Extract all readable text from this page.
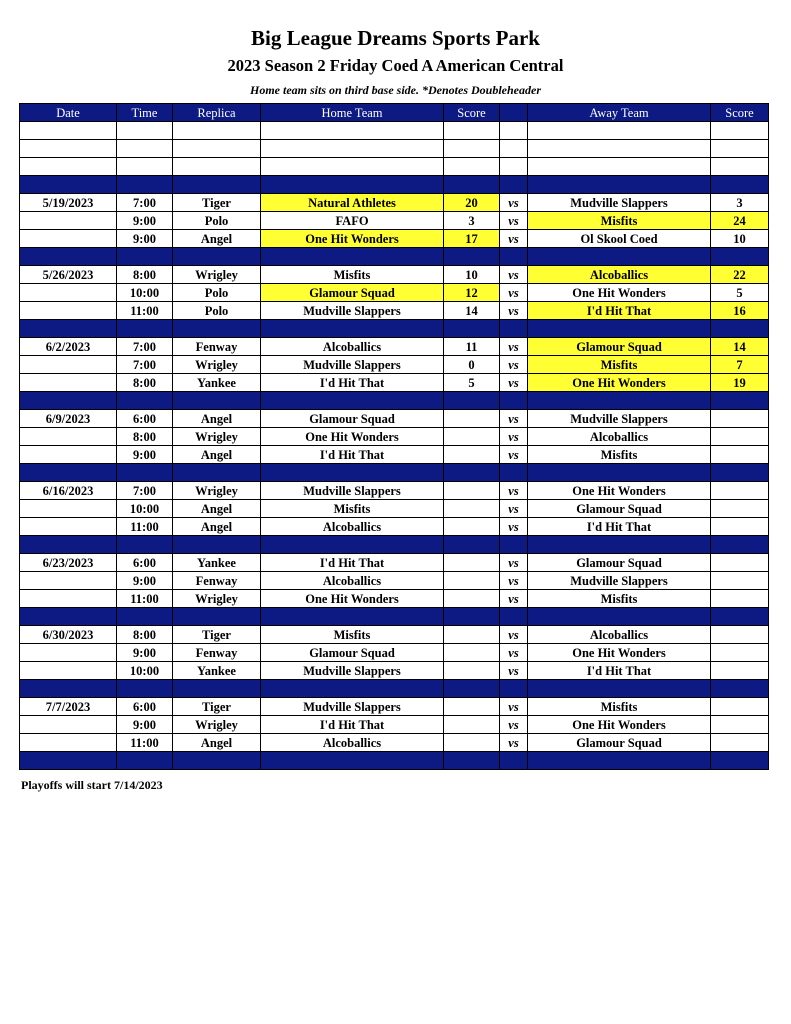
Big League Dreams Sports Park
2023 Season 2 Friday Coed A American Central
Home team sits on third base side. *Denotes Doubleheader
Date	Time	Replica	Home Team	Score		Away Team	Score

5/19/2023	7:00	Tiger	Natural Athletes	20	vs	Mudville Slappers	3
	9:00	Polo	FAFO	3	vs	Misfits	24
	9:00	Angel	One Hit Wonders	17	vs	Ol Skool Coed	10

5/26/2023	8:00	Wrigley	Misfits	10	vs	Alcoballics	22
	10:00	Polo	Glamour Squad	12	vs	One Hit Wonders	5
	11:00	Polo	Mudville Slappers	14	vs	I'd Hit That	16

6/2/2023	7:00	Fenway	Alcoballics	11	vs	Glamour Squad	14
	7:00	Wrigley	Mudville Slappers	0	vs	Misfits	7
	8:00	Yankee	I'd Hit That	5	vs	One Hit Wonders	19

6/9/2023	6:00	Angel	Glamour Squad		vs	Mudville Slappers	
	8:00	Wrigley	One Hit Wonders		vs	Alcoballics	
	9:00	Angel	I'd Hit That		vs	Misfits	

6/16/2023	7:00	Wrigley	Mudville Slappers		vs	One Hit Wonders	
	10:00	Angel	Misfits		vs	Glamour Squad	
	11:00	Angel	Alcoballics		vs	I'd Hit That	

6/23/2023	6:00	Yankee	I'd Hit That		vs	Glamour Squad	
	9:00	Fenway	Alcoballics		vs	Mudville Slappers	
	11:00	Wrigley	One Hit Wonders		vs	Misfits	

6/30/2023	8:00	Tiger	Misfits		vs	Alcoballics	
	9:00	Fenway	Glamour Squad		vs	One Hit Wonders	
	10:00	Yankee	Mudville Slappers		vs	I'd Hit That	

7/7/2023	6:00	Tiger	Mudville Slappers		vs	Misfits	
	9:00	Wrigley	I'd Hit That		vs	One Hit Wonders	
	11:00	Angel	Alcoballics		vs	Glamour Squad	

Playoffs will start 7/14/2023
